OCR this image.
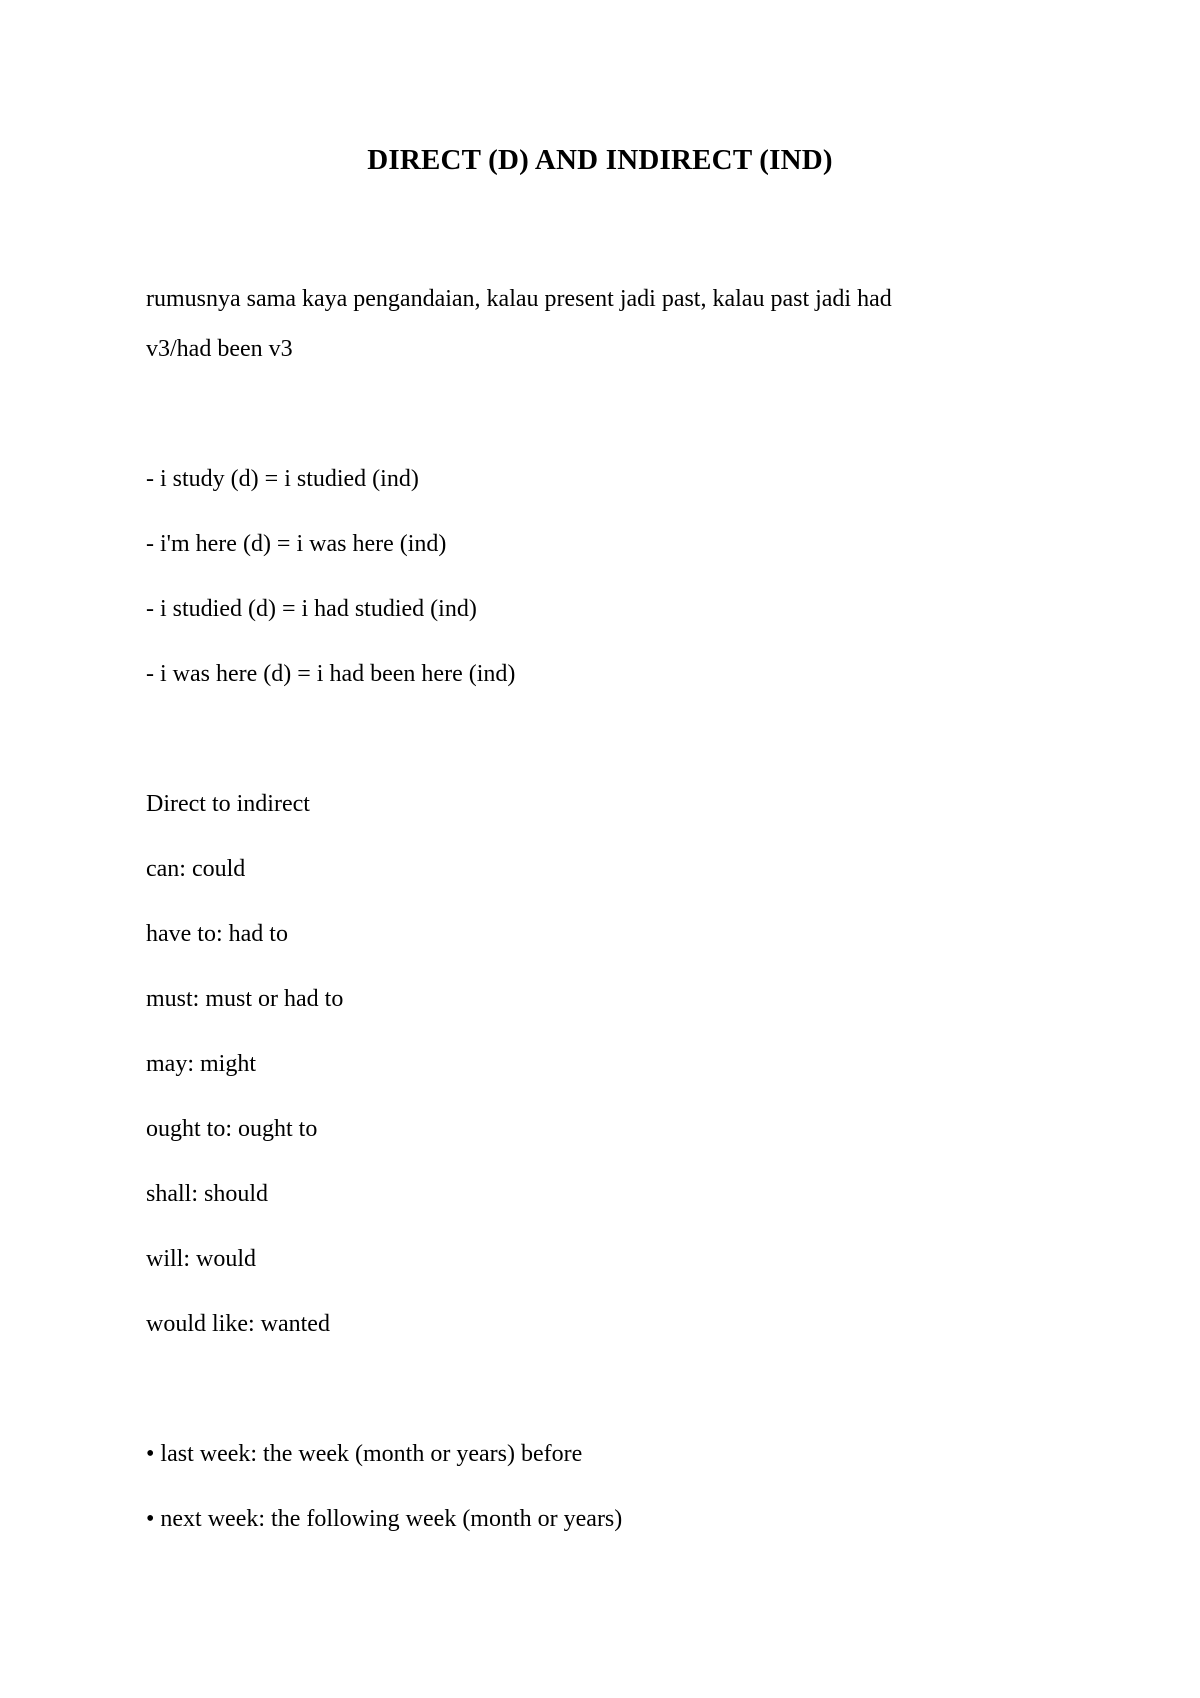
DIRECT (D) AND INDIRECT (IND)
rumusnya sama kaya pengandaian, kalau present jadi past, kalau past jadi had
v3/had been v3
- i study (d) = i studied (ind)
- i'm here (d) = i was here (ind)
- i studied (d) = i had studied (ind)
- i was here (d) = i had been here (ind)
Direct to indirect
can: could
have to: had to
must: must or had to
may: might
ought to: ought to
shall: should
will: would
would like: wanted
• last week: the week (month or years) before
• next week: the following week (month or years)
